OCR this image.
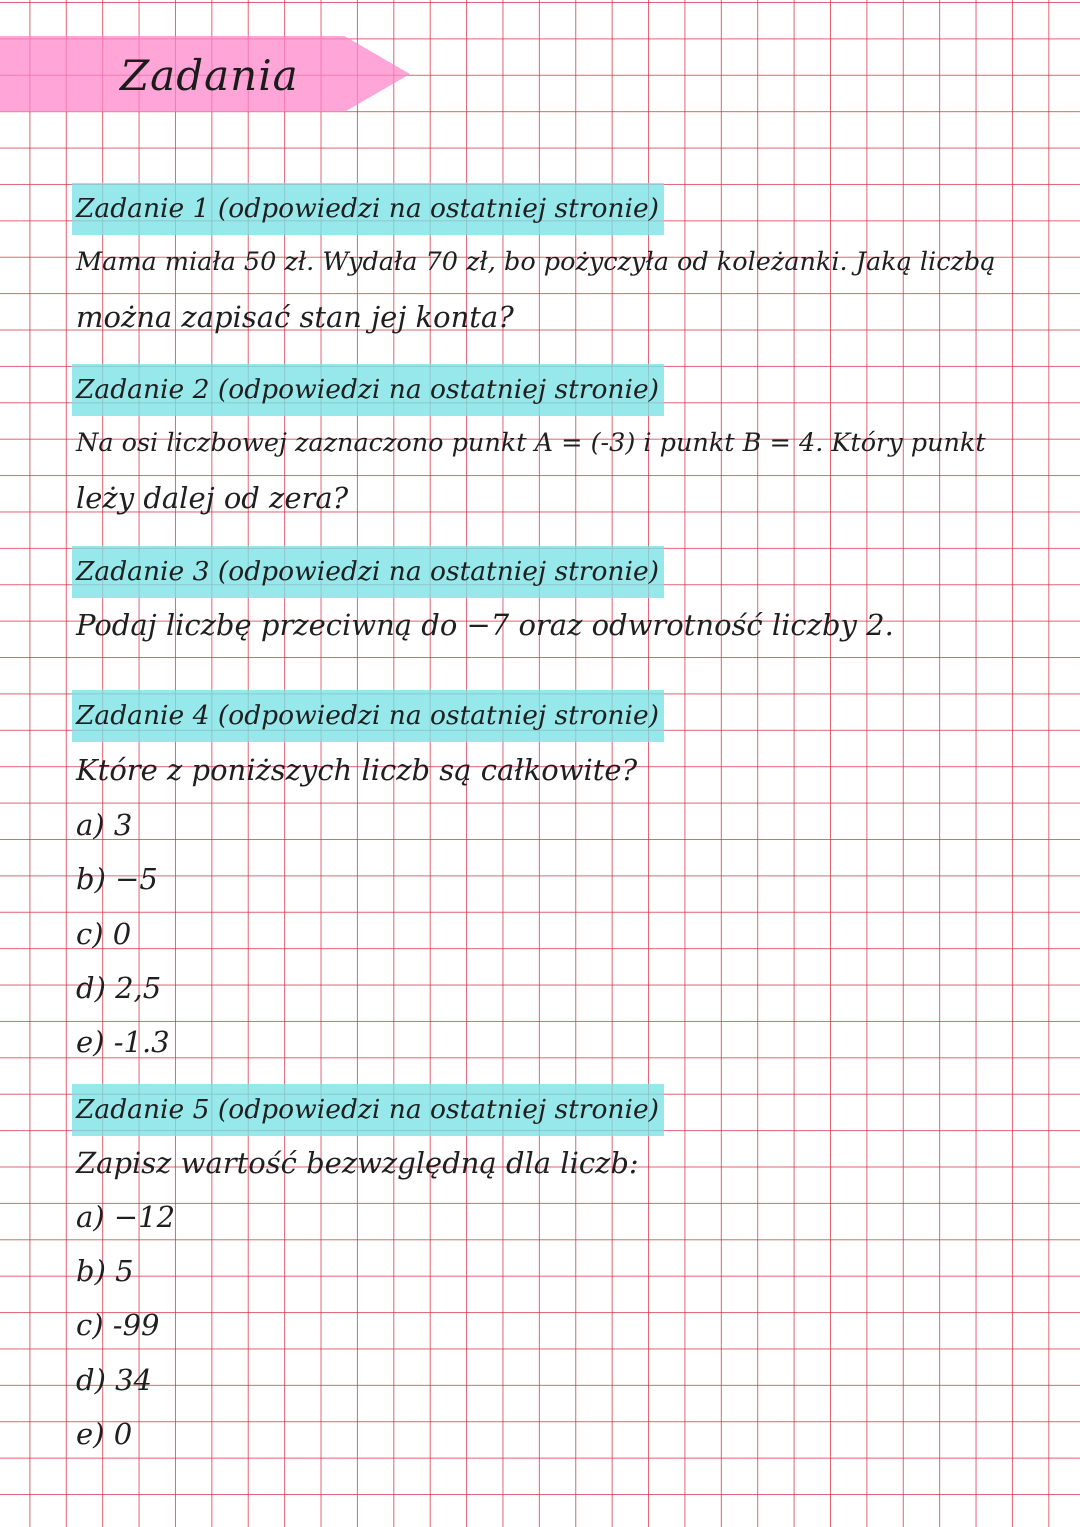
Zadania
Zadanie 1 (odpowiedzi na ostatniej stronie)
Mama miała 50 zł. Wydała 70 zł, bo pożyczyła od koleżanki. Jaką liczbą
można zapisać stan jej konta?
Zadanie 2 (odpowiedzi na ostatniej stronie)
Na osi liczbowej zaznaczono punkt A = (-3) i punkt B = 4. Który punkt
leży dalej od zera?
Zadanie 3 (odpowiedzi na ostatniej stronie)
Podaj liczbę przeciwną do −7 oraz odwrotność liczby 2.
Zadanie 4 (odpowiedzi na ostatniej stronie)
Które z poniższych liczb są całkowite?
a) 3
b) −5
c) 0
d) 2,5
e) -1.3
Zadanie 5 (odpowiedzi na ostatniej stronie)
Zapisz wartość bezwzględną dla liczb:
a) −12
b) 5
c) -99
d) 34
e) 0
